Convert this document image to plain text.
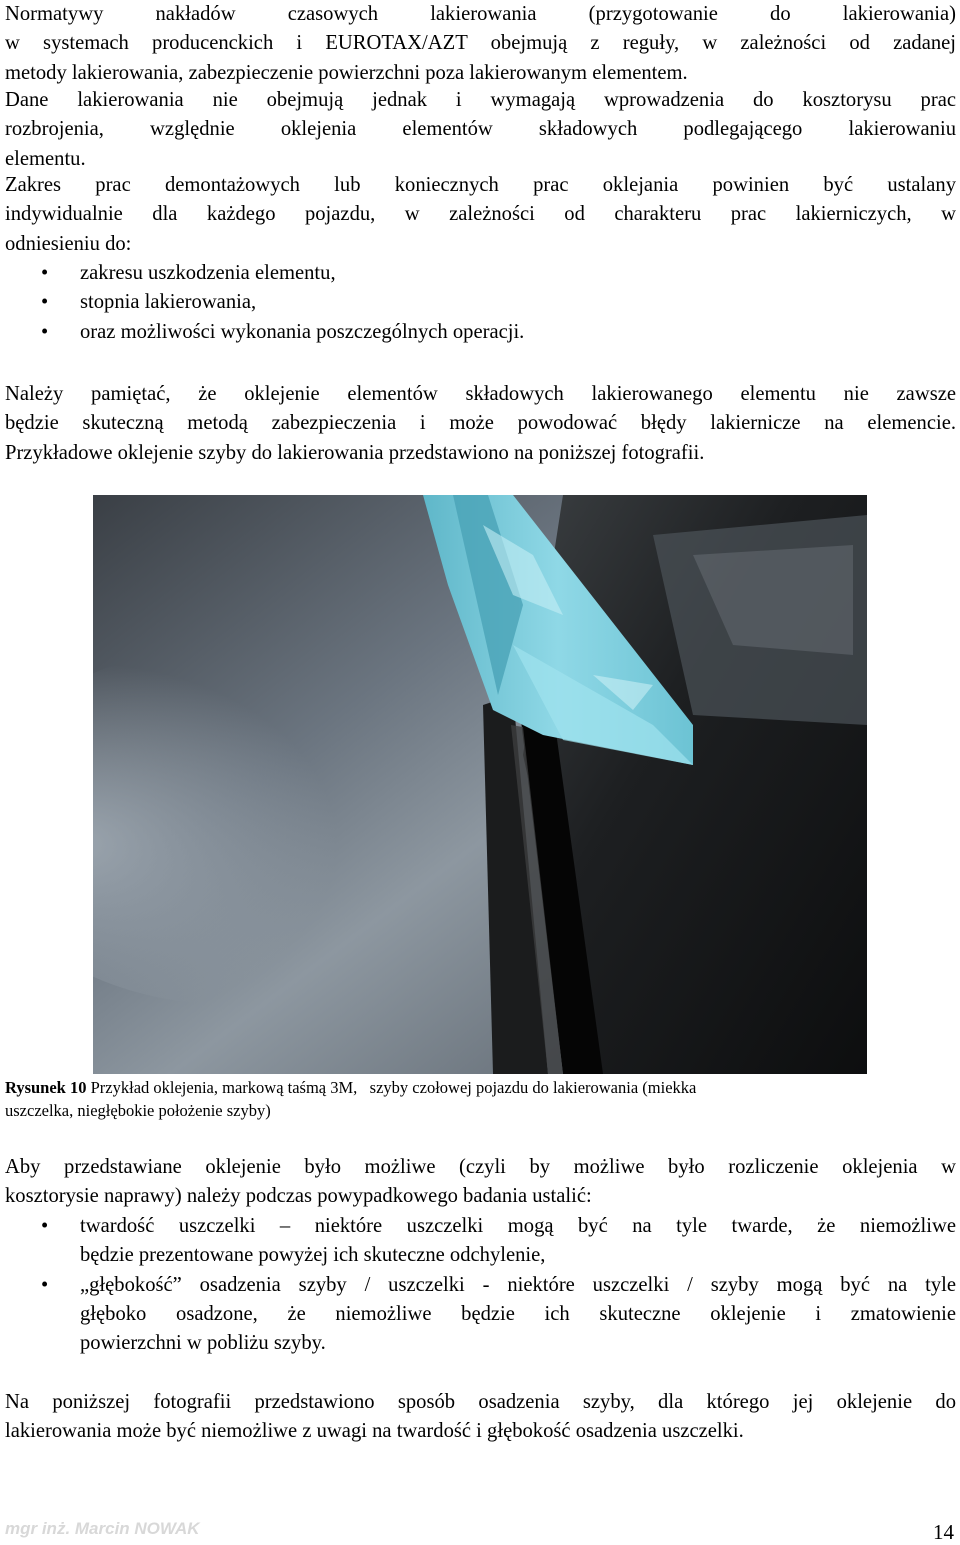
Normatywy nakładów czasowych lakierowania (przygotowanie do lakierowania)
w systemach producenckich i EUROTAX/AZT obejmują z reguły, w zależności od zadanej
metody lakierowania, zabezpieczenie powierzchni poza lakierowanym elementem.
Dane lakierowania nie obejmują jednak i wymagają wprowadzenia do kosztorysu prac
rozbrojenia, względnie oklejenia elementów składowych podlegającego lakierowaniu
elementu.
Zakres prac demontażowych lub koniecznych prac oklejania powinien być ustalany
indywidualnie dla każdego pojazdu, w zależności od charakteru prac lakierniczych, w
odniesieniu do:
• zakresu uszkodzenia elementu,
• stopnia lakierowania,
• oraz możliwości wykonania poszczególnych operacji.
Należy pamiętać, że oklejenie elementów składowych lakierowanego elementu nie zawsze
będzie skuteczną metodą zabezpieczenia i może powodować błędy lakiernicze na elemencie.
Przykładowe oklejenie szyby do lakierowania przedstawiono na poniższej fotografii.
Rysunek 10 Przykład oklejenia, markową taśmą 3M,   szyby czołowej pojazdu do lakierowania (miekka
uszczelka, niegłębokie położenie szyby)
Aby przedstawiane oklejenie było możliwe (czyli by możliwe było rozliczenie oklejenia w
kosztorysie naprawy) należy podczas powypadkowego badania ustalić:
• twardość uszczelki – niektóre uszczelki mogą być na tyle twarde, że niemożliwe
będzie prezentowane powyżej ich skuteczne odchylenie,
• „głębokość” osadzenia szyby / uszczelki - niektóre uszczelki / szyby mogą być na tyle
głęboko osadzone, że niemożliwe będzie ich skuteczne oklejenie i zmatowienie
powierzchni w pobliżu szyby.
Na poniższej fotografii przedstawiono sposób osadzenia szyby, dla którego jej oklejenie do
lakierowania może być niemożliwe z uwagi na twardość i głębokość osadzenia uszczelki.
mgr inż. Marcin NOWAK	14
